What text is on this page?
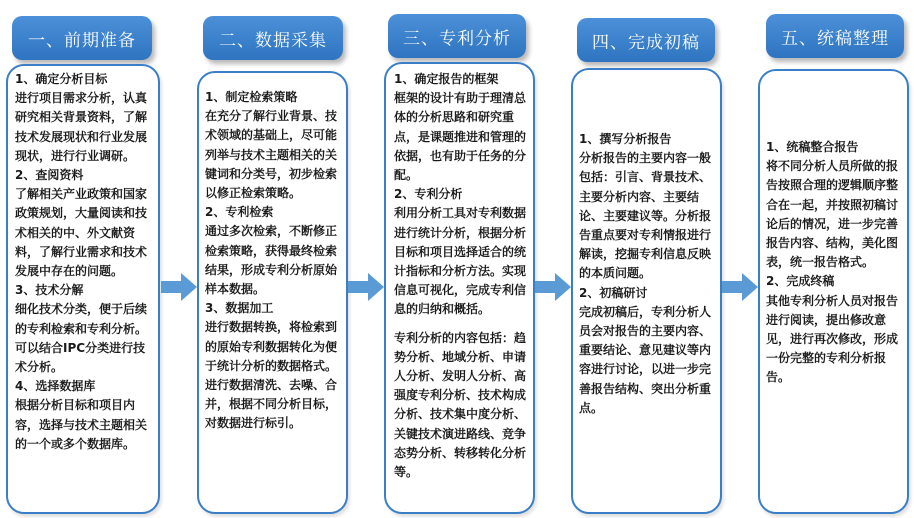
一、前期准备	二、数据采集	三、专利分析	四、完成初稿	五、统稿整理

1、确定分析目标

进行项目需求分析，认真研究相关背景资料，了解技术发展现状和行业发展现状，进行行业调研。

2、查阅资料

了解相关产业政策和国家政策规划，大量阅读和技术相关的中、外文献资料，了解行业需求和技术发展中存在的问题。

3、技术分解

细化技术分类，便于后续的专利检索和专利分析。可以结合IPC分类进行技术分析。

4、选择数据库

根据分析目标和项目内容，选择与技术主题相关的一个或多个数据库。

1、制定检索策略

在充分了解行业背景、技术领域的基础上，尽可能列举与技术主题相关的关键词和分类号，初步检索以修正检索策略。

2、专利检索

通过多次检索，不断修正检索策略，获得最终检索结果，形成专利分析原始样本数据。

3、数据加工

进行数据转换，将检索到的原始专利数据转化为便于统计分析的数据格式。进行数据清洗、去噪、合并，根据不同分析目标，对数据进行标引。

1、确定报告的框架

框架的设计有助于理清总体的分析思路和研究重点，是课题推进和管理的依据，也有助于任务的分配。

2、专利分析

利用分析工具对专利数据进行统计分析，根据分析目标和项目选择适合的统计指标和分析方法。实现信息可视化，完成专利信息的归纳和概括。

专利分析的内容包括：趋势分析、地域分析、申请人分析、发明人分析、高强度专利分析、技术构成分析、技术集中度分析、关键技术演进路线、竞争态势分析、转移转化分析等。

1、撰写分析报告

分析报告的主要内容一般包括：引言、背景技术、主要分析内容、主要结论、主要建议等。分析报告重点要对专利情报进行解读，挖掘专利信息反映的本质问题。

2、初稿研讨

完成初稿后，专利分析人员会对报告的主要内容、重要结论、意见建议等内容进行讨论，以进一步完善报告结构、突出分析重点。

1、统稿整合报告

将不同分析人员所做的报告按照合理的逻辑顺序整合在一起，并按照初稿讨论后的情况，进一步完善报告内容、结构，美化图表，统一报告格式。

2、完成终稿

其他专利分析人员对报告进行阅读，提出修改意见，进行再次修改，形成一份完整的专利分析报告。
